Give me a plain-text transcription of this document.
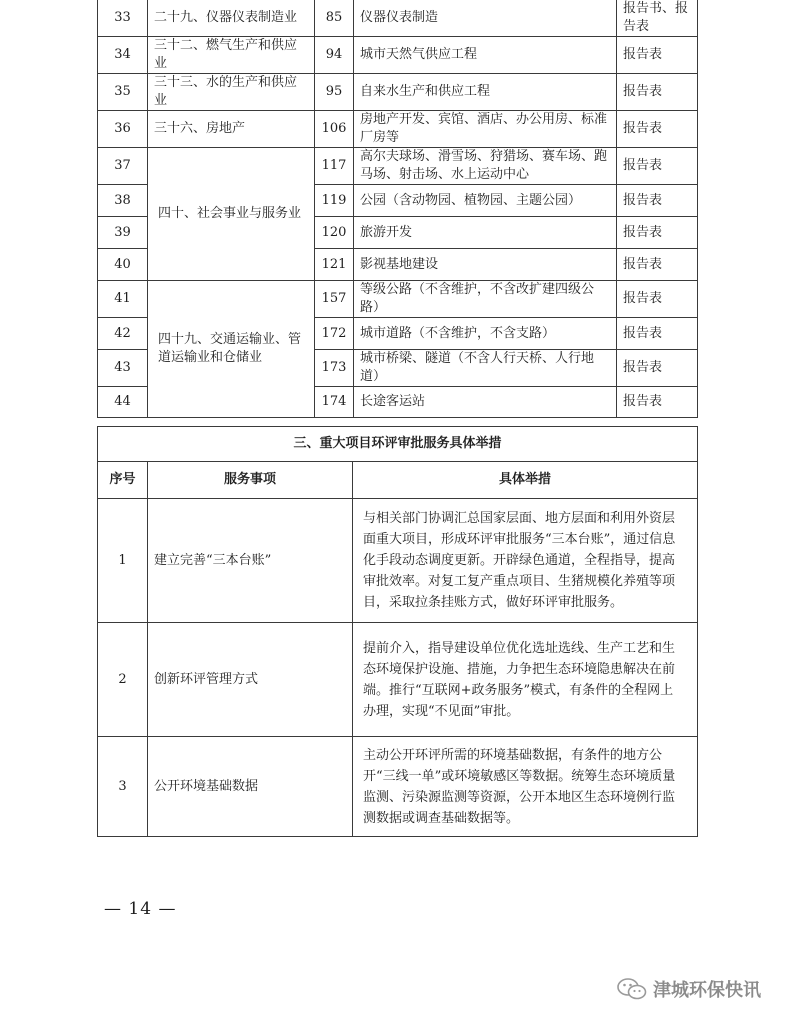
33	二十九、仪器仪表制造业	85	仪器仪表制造	报告书、报告表
34	三十二、燃气生产和供应业	94	城市天然气供应工程	报告表
35	三十三、水的生产和供应业	95	自来水生产和供应工程	报告表
36	三十六、房地产	106	房地产开发、宾馆、酒店、办公用房、标准厂房等	报告表
37	四十、社会事业与服务业	117	高尔夫球场、滑雪场、狩猎场、赛车场、跑马场、射击场、水上运动中心	报告表
38		119	公园（含动物园、植物园、主题公园）	报告表
39		120	旅游开发	报告表
40		121	影视基地建设	报告表
41	四十九、交通运输业、管道运输业和仓储业	157	等级公路（不含维护，不含改扩建四级公路）	报告表
42		172	城市道路（不含维护，不含支路）	报告表
43		173	城市桥梁、隧道（不含人行天桥、人行地道）	报告表
44		174	长途客运站	报告表
三、重大项目环评审批服务具体举措		
序号	服务事项	具体举措
1	建立完善“三本台账”	与相关部门协调汇总国家层面、地方层面和利用外资层面重大项目，形成环评审批服务“三本台账”，通过信息化手段动态调度更新。开辟绿色通道，全程指导，提高审批效率。对复工复产重点项目、生猪规模化养殖等项目，采取拉条挂账方式，做好环评审批服务。
2	创新环评管理方式	提前介入，指导建设单位优化选址选线、生产工艺和生态环境保护设施、措施，力争把生态环境隐患解决在前端。推行“互联网+政务服务”模式，有条件的全程网上办理，实现“不见面”审批。
3	公开环境基础数据	主动公开环评所需的环境基础数据，有条件的地方公开“三线一单”或环境敏感区等数据。统筹生态环境质量监测、污染源监测等资源，公开本地区生态环境例行监测数据或调查基础数据等。
— 14 —
津城环保快讯
